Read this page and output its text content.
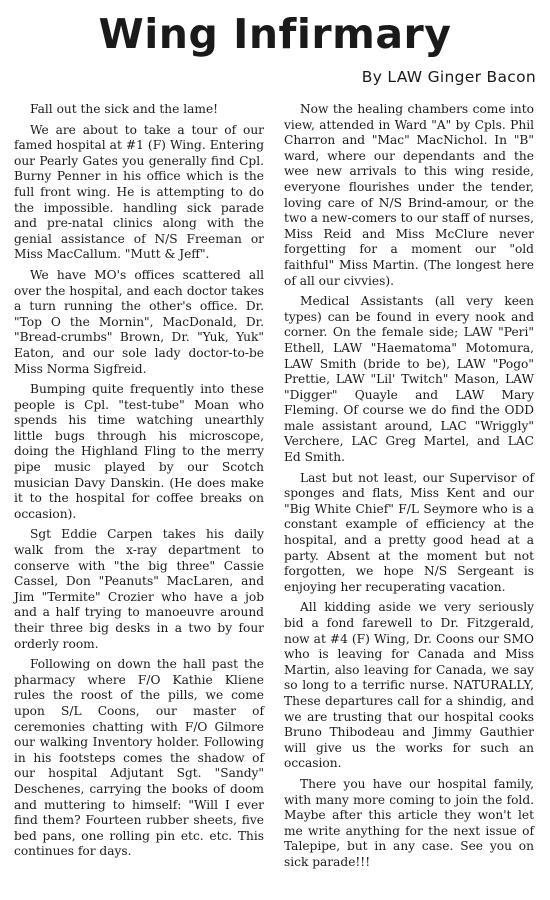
Wing Infirmary
By LAW Ginger Bacon

Fall out the sick and the lame!

We are about to take a tour of our famed hospital at #1 (F) Wing. Entering our Pearly Gates you generally find Cpl. Burny Penner in his office which is the full front wing. He is attempting to do the impossible. handling sick parade and pre-natal clinics along with the genial assistance of N/S Freeman or Miss MacCallum. "Mutt & Jeff".

We have MO's offices scattered all over the hospital, and each doctor takes a turn running the other's office. Dr. "Top O the Mornin", MacDonald, Dr. "Bread-crumbs" Brown, Dr. "Yuk, Yuk" Eaton, and our sole lady doctor-to-be Miss Norma Sigfreid.

Bumping quite frequently into these people is Cpl. "test-tube" Moan who spends his time watching unearthly little bugs through his microscope, doing the Highland Fling to the merry pipe music played by our Scotch musician Davy Danskin. (He does make it to the hospital for coffee breaks on occasion).

Sgt Eddie Carpen takes his daily walk from the x-ray department to conserve with "the big three" Cassie Cassel, Don "Peanuts" MacLaren, and Jim "Termite" Crozier who have a job and a half trying to manoeuvre around their three big desks in a two by four orderly room.

Following on down the hall past the pharmacy where F/O Kathie Kliene rules the roost of the pills, we come upon S/L Coons, our master of ceremonies chatting with F/O Gilmore our walking Inventory holder. Following in his footsteps comes the shadow of our hospital Adjutant Sgt. "Sandy" Deschenes, carrying the books of doom and muttering to himself: "Will I ever find them? Fourteen rubber sheets, five bed pans, one rolling pin etc. etc. This continues for days.

Now the healing chambers come into view, attended in Ward "A" by Cpls. Phil Charron and "Mac" MacNichol. In "B" ward, where our dependants and the wee new arrivals to this wing reside, everyone flourishes under the tender, loving care of N/S Brind-amour, or the two a new-comers to our staff of nurses, Miss Reid and Miss McClure never forgetting for a moment our "old faithful" Miss Martin. (The longest here of all our civvies).

Medical Assistants (all very keen types) can be found in every nook and corner. On the female side; LAW "Peri" Ethell, LAW "Haematoma" Motomura, LAW Smith (bride to be), LAW "Pogo" Prettie, LAW "Lil' Twitch" Mason, LAW "Digger" Quayle and LAW Mary Fleming. Of course we do find the ODD male assistant around, LAC "Wriggly" Verchere, LAC Greg Martel, and LAC Ed Smith.

Last but not least, our Supervisor of sponges and flats, Miss Kent and our "Big White Chief" F/L Seymore who is a constant example of efficiency at the hospital, and a pretty good head at a party. Absent at the moment but not forgotten, we hope N/S Sergeant is enjoying her recuperating vacation.

All kidding aside we very seriously bid a fond farewell to Dr. Fitzgerald, now at #4 (F) Wing, Dr. Coons our SMO who is leaving for Canada and Miss Martin, also leaving for Canada, we say so long to a terrific nurse. NATURALLY, These departures call for a shindig, and we are trusting that our hospital cooks Bruno Thibodeau and Jimmy Gauthier will give us the works for such an occasion.

There you have our hospital family, with many more coming to join the fold. Maybe after this article they won't let me write anything for the next issue of Talepipe, but in any case. See you on sick parade!!!
